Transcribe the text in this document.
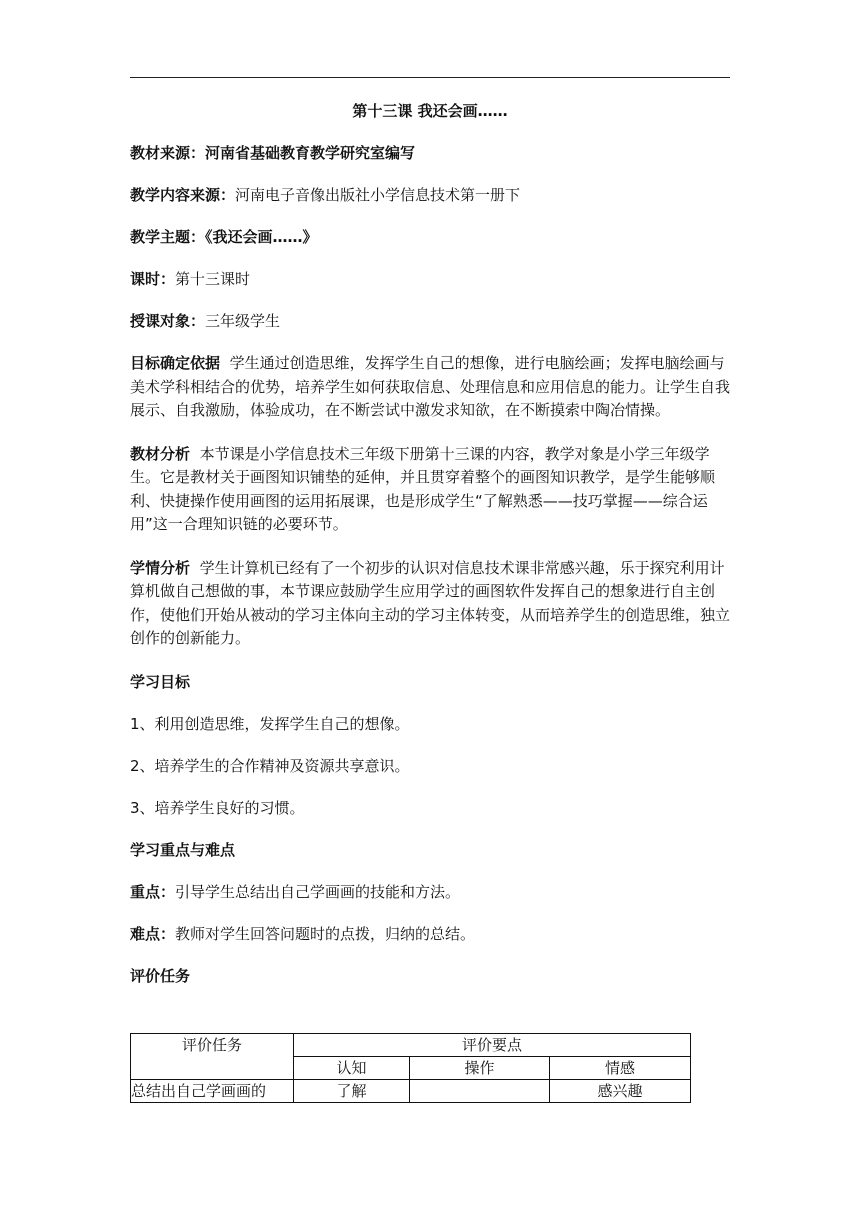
第十三课 我还会画……
教材来源：河南省基础教育教学研究室编写
教学内容来源：河南电子音像出版社小学信息技术第一册下
教学主题：《我还会画……》
课时：第十三课时
授课对象：三年级学生
目标确定依据 学生通过创造思维，发挥学生自己的想像，进行电脑绘画；发挥电脑绘画与美术学科相结合的优势，培养学生如何获取信息、处理信息和应用信息的能力。让学生自我展示、自我激励，体验成功，在不断尝试中激发求知欲，在不断摸索中陶冶情操。
教材分析 本节课是小学信息技术三年级下册第十三课的内容，教学对象是小学三年级学生。它是教材关于画图知识铺垫的延伸，并且贯穿着整个的画图知识教学，是学生能够顺利、快捷操作使用画图的运用拓展课，也是形成学生“了解熟悉——技巧掌握——综合运用”这一合理知识链的必要环节。
学情分析 学生计算机已经有了一个初步的认识对信息技术课非常感兴趣，乐于探究利用计算机做自己想做的事，本节课应鼓励学生应用学过的画图软件发挥自己的想象进行自主创作，使他们开始从被动的学习主体向主动的学习主体转变，从而培养学生的创造思维，独立创作的创新能力。
学习目标
1、利用创造思维，发挥学生自己的想像。
2、培养学生的合作精神及资源共享意识。
3、培养学生良好的习惯。
学习重点与难点
重点：引导学生总结出自己学画画的技能和方法。
难点：教师对学生回答问题时的点拨，归纳的总结。
评价任务
评价任务	评价要点		
	认知	操作	情感
总结出自己学画画的	了解		感兴趣
